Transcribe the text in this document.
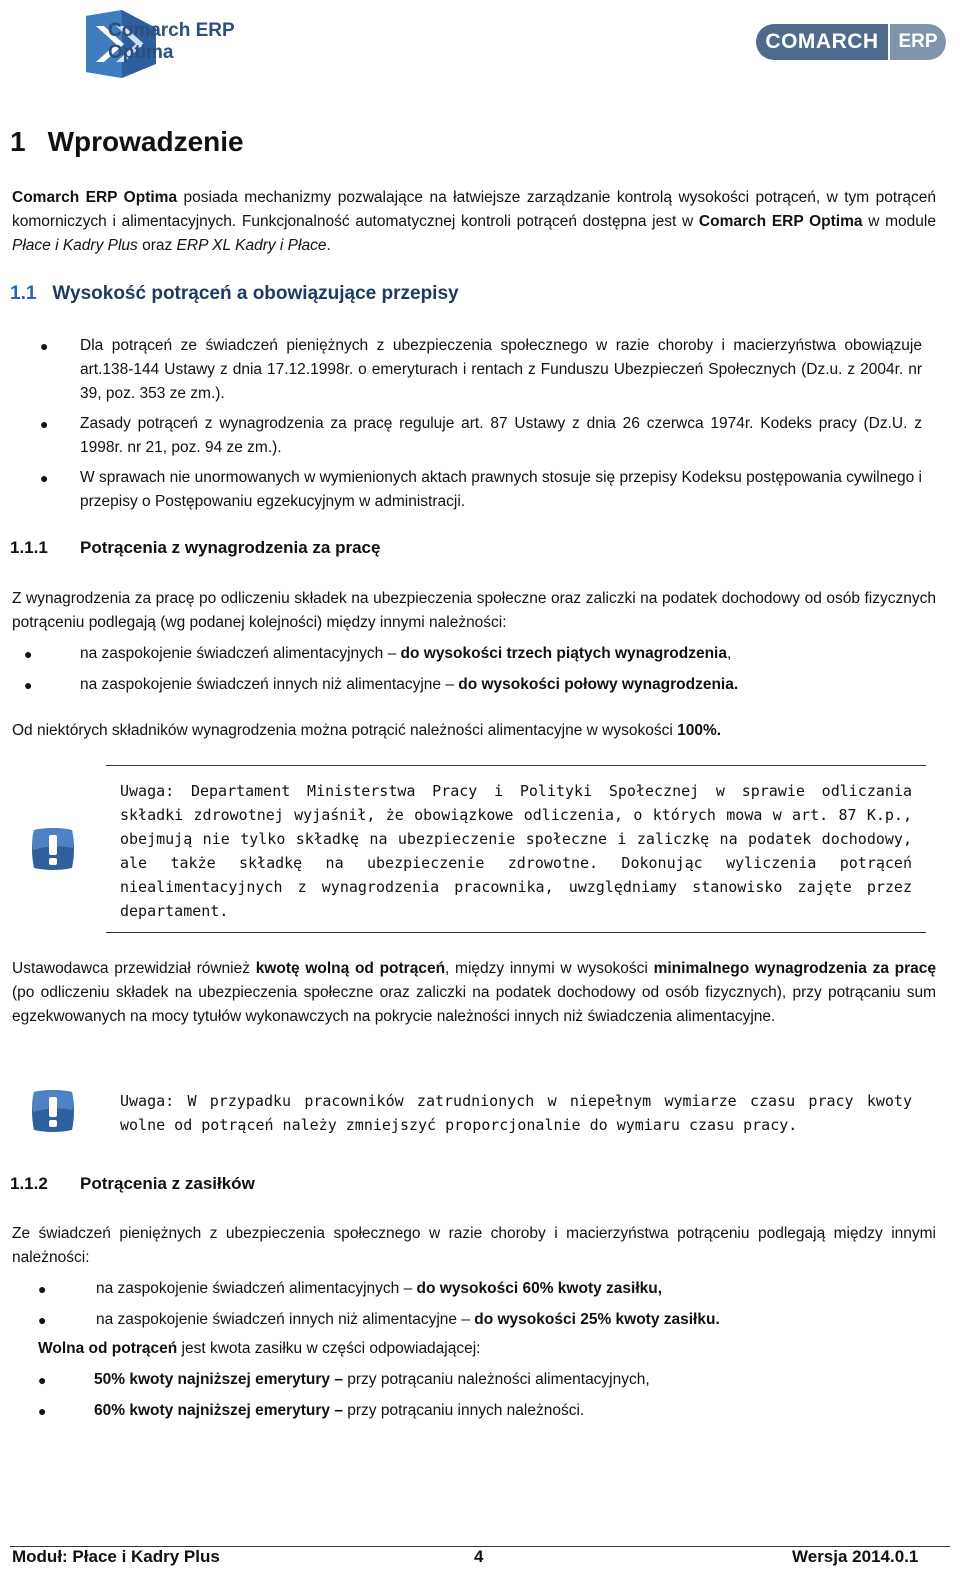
Comarch ERP
Optima	COMARCH	ERP
1 Wprowadzenie
Comarch ERP Optima posiada mechanizmy pozwalające na łatwiejsze zarządzanie kontrolą wysokości potrąceń, w tym potrąceń komorniczych i alimentacyjnych. Funkcjonalność automatycznej kontroli potrąceń dostępna jest w Comarch ERP Optima w module Płace i Kadry Plus oraz ERP XL Kadry i Płace.
1.1 Wysokość potrąceń a obowiązujące przepisy
● Dla potrąceń ze świadczeń pieniężnych z ubezpieczenia społecznego w razie choroby i macierzyństwa obowiązuje art.138-144 Ustawy z dnia 17.12.1998r. o emeryturach i rentach z Funduszu Ubezpieczeń Społecznych (Dz.u. z 2004r. nr 39, poz. 353 ze zm.).
● Zasady potrąceń z wynagrodzenia za pracę reguluje art. 87 Ustawy z dnia 26 czerwca 1974r. Kodeks pracy (Dz.U. z 1998r. nr 21, poz. 94 ze zm.).
● W sprawach nie unormowanych w wymienionych aktach prawnych stosuje się przepisy Kodeksu postępowania cywilnego i przepisy o Postępowaniu egzekucyjnym w administracji.
1.1.1 Potrącenia z wynagrodzenia za pracę
Z wynagrodzenia za pracę po odliczeniu składek na ubezpieczenia społeczne oraz zaliczki na podatek dochodowy od osób fizycznych potrąceniu podlegają (wg podanej kolejności) między innymi należności:
●	na zaspokojenie świadczeń alimentacyjnych – do wysokości trzech piątych wynagrodzenia,
●	na zaspokojenie świadczeń innych niż alimentacyjne – do wysokości połowy wynagrodzenia.
Od niektórych składników wynagrodzenia można potrącić należności alimentacyjne w wysokości 100%.
Uwaga: Departament Ministerstwa Pracy i Polityki Społecznej w sprawie odliczania składki zdrowotnej wyjaśnił, że obowiązkowe odliczenia, o których mowa w art. 87 K.p., obejmują nie tylko składkę na ubezpieczenie społeczne i zaliczkę na podatek dochodowy, ale także składkę na ubezpieczenie zdrowotne. Dokonując wyliczenia potrąceń niealimentacyjnych z wynagrodzenia pracownika, uwzględniamy stanowisko zajęte przez departament.
Ustawodawca przewidział również kwotę wolną od potrąceń, między innymi w wysokości minimalnego wynagrodzenia za pracę (po odliczeniu składek na ubezpieczenia społeczne oraz zaliczki na podatek dochodowy od osób fizycznych), przy potrącaniu sum egzekwowanych na mocy tytułów wykonawczych na pokrycie należności innych niż świadczenia alimentacyjne.
Uwaga: W przypadku pracowników zatrudnionych w niepełnym wymiarze czasu pracy kwoty wolne od potrąceń należy zmniejszyć proporcjonalnie do wymiaru czasu pracy.
1.1.2 Potrącenia z zasiłków
Ze świadczeń pieniężnych z ubezpieczenia społecznego w razie choroby i macierzyństwa potrąceniu podlegają między innymi należności:
●	na zaspokojenie świadczeń alimentacyjnych – do wysokości 60% kwoty zasiłku,
●	na zaspokojenie świadczeń innych niż alimentacyjne – do wysokości 25% kwoty zasiłku.
Wolna od potrąceń jest kwota zasiłku w części odpowiadającej:
●	50% kwoty najniższej emerytury – przy potrącaniu należności alimentacyjnych,
●	60% kwoty najniższej emerytury – przy potrącaniu innych należności.
Moduł: Płace i Kadry Plus	4	Wersja 2014.0.1
